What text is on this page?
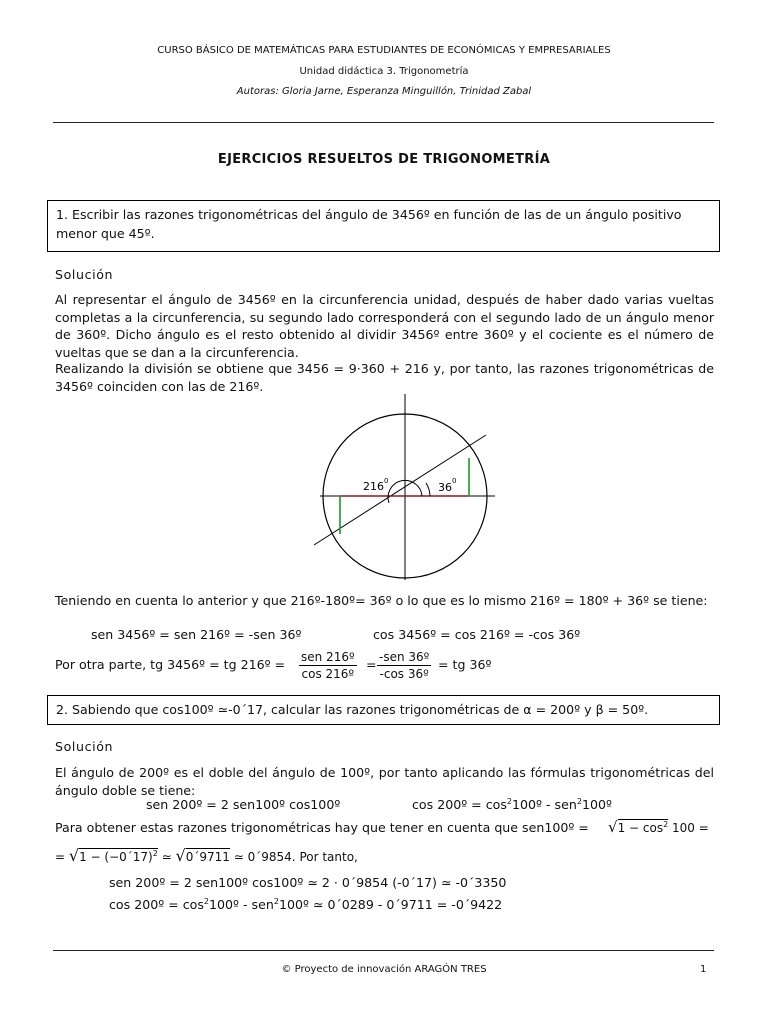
CURSO BÁSICO DE MATEMÁTICAS PARA ESTUDIANTES DE ECONÓMICAS Y EMPRESARIALES
Unidad didáctica 3. Trigonometría
Autoras: Gloria Jarne, Esperanza Minguillón, Trinidad Zabal
EJERCICIOS RESUELTOS DE TRIGONOMETRÍA
1. Escribir las razones trigonométricas del ángulo de 3456º en función de las de un ángulo positivo menor que 45º.
Solución
Al representar el ángulo de 3456º en la circunferencia unidad, después de haber dado varias vueltas completas a la circunferencia, su segundo lado corresponderá con el segundo lado de un ángulo menor de 360º. Dicho ángulo es el resto obtenido al dividir 3456º entre 360º y el cociente es el número de vueltas que se dan a la circunferencia.
Realizando la división se obtiene que 3456 = 9·360 + 216 y, por tanto, las razones trigonométricas de 3456º coinciden con las de 216º.
216 0	36 0
Teniendo en cuenta lo anterior y que 216º-180º= 36º o lo que es lo mismo 216º = 180º + 36º se tiene:
sen 3456º = sen 216º = -sen 36º	cos 3456º = cos 216º = -cos 36º
Por otra parte, tg 3456º = tg 216º = sen 216º
cos 216º
= -sen 36º
-cos 36º
= tg 36º
2. Sabiendo que cos100º ≃-0´17, calcular las razones trigonométricas de α = 200º y β = 50º.
Solución
El ángulo de 200º es el doble del ángulo de 100º, por tanto aplicando las fórmulas trigonométricas del ángulo doble se tiene:
sen 200º = 2 sen100º cos100º	cos 200º = $\cos^2100º$ - sen$^2$100º
Para obtener estas razones trigonométricas hay que tener en cuenta que sen100º = $√1 - \cos^2 100$ =
= √1 − (−0´17)$^2$ ≃ √0´9711 ≃ 0´9854. Por tanto,
sen 200º = 2 sen100º cos100º ≃ 2 · 0´9854 (-0´17) ≃ -0´3350
cos 200º = $\cos^2100º$ - sen$^2$100º ≃ 0´0289 - 0´9711 = -0´9422
© Proyecto de innovación ARAGÓN TRES	1
